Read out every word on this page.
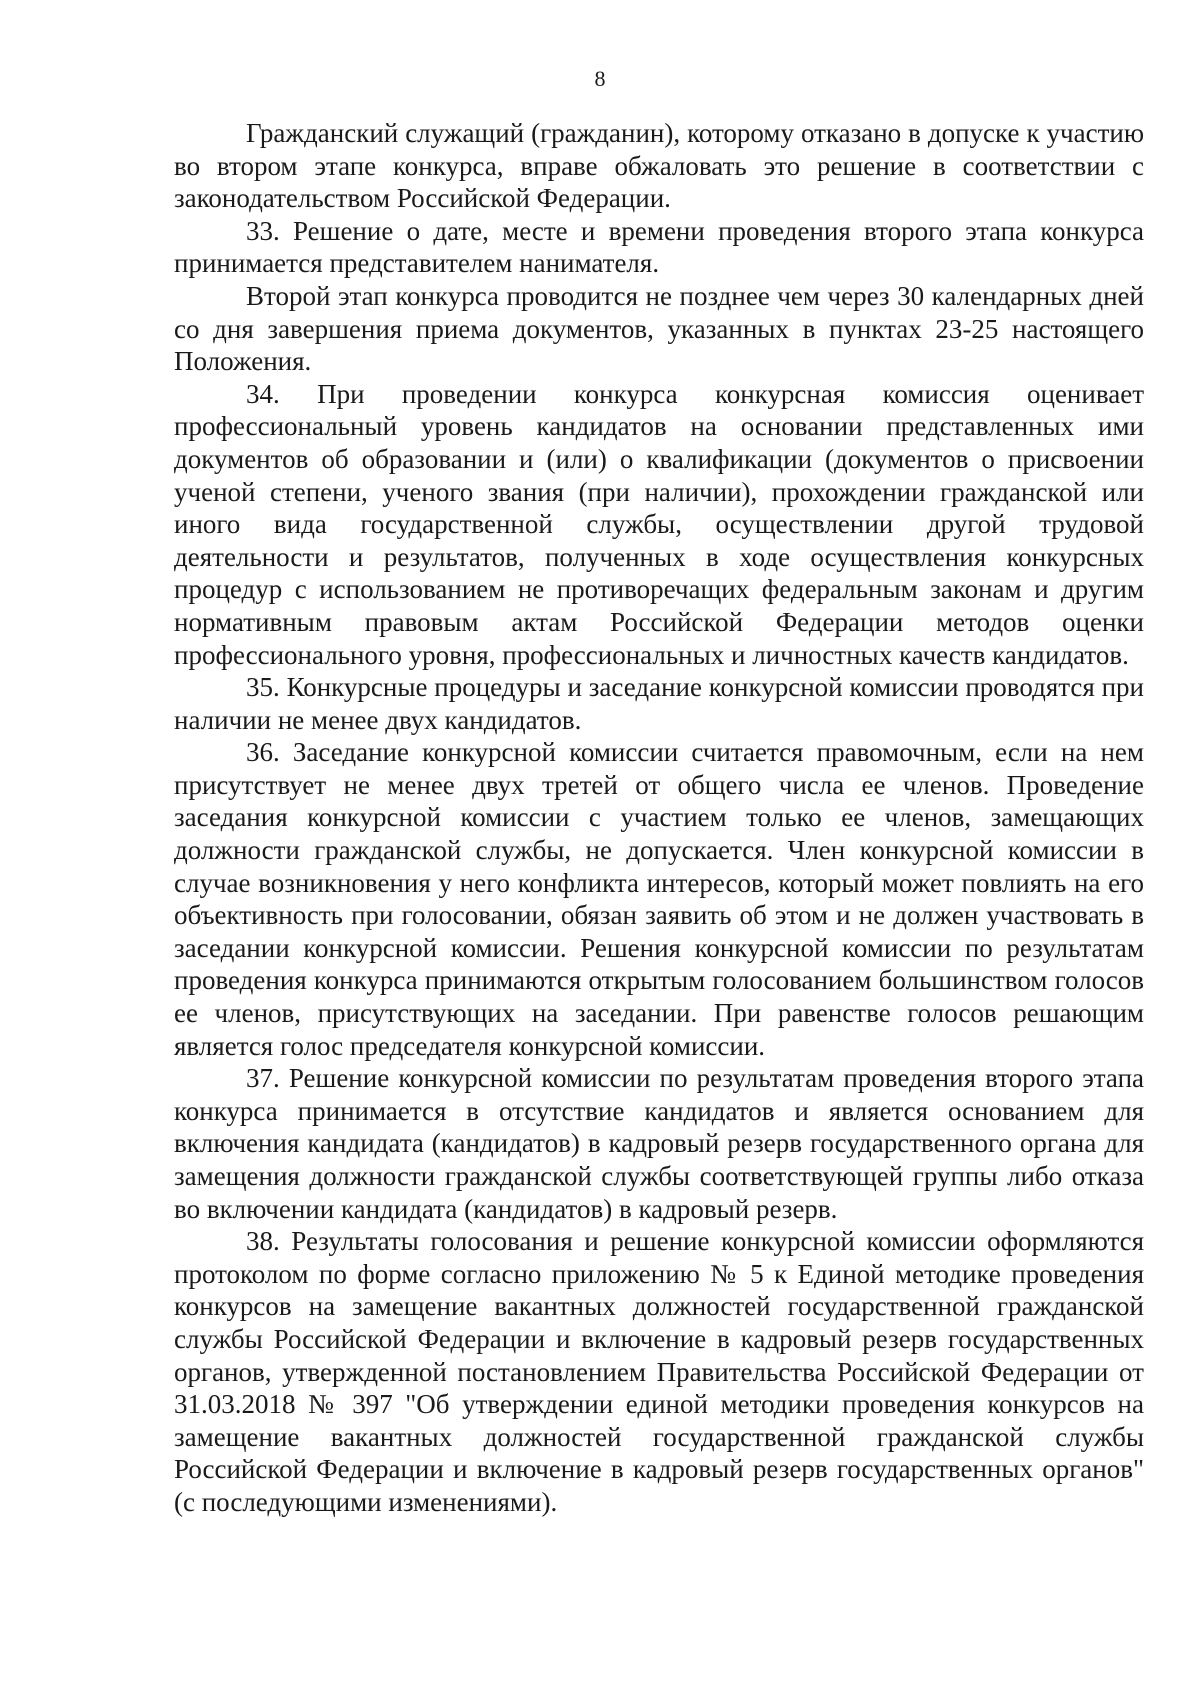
8

Гражданский служащий (гражданин), которому отказано в допуске к участию во втором этапе конкурса, вправе обжаловать это решение в соответствии с законодательством Российской Федерации.

33. Решение о дате, месте и времени проведения второго этапа конкурса принимается представителем нанимателя.

Второй этап конкурса проводится не позднее чем через 30 календарных дней со дня завершения приема документов, указанных в пунктах 23-25 настоящего Положения.

34. При проведении конкурса конкурсная комиссия оценивает профессиональный уровень кандидатов на основании представленных ими документов об образовании и (или) о квалификации (документов о присвоении ученой степени, ученого звания (при наличии), прохождении гражданской или иного вида государственной службы, осуществлении другой трудовой деятельности и результатов, полученных в ходе осуществления конкурсных процедур с использованием не противоречащих федеральным законам и другим нормативным правовым актам Российской Федерации методов оценки профессионального уровня, профессиональных и личностных качеств кандидатов.

35. Конкурсные процедуры и заседание конкурсной комиссии проводятся при наличии не менее двух кандидатов.

36. Заседание конкурсной комиссии считается правомочным, если на нем присутствует не менее двух третей от общего числа ее членов. Проведение заседания конкурсной комиссии с участием только ее членов, замещающих должности гражданской службы, не допускается. Член конкурсной комиссии в случае возникновения у него конфликта интересов, который может повлиять на его объективность при голосовании, обязан заявить об этом и не должен участвовать в заседании конкурсной комиссии. Решения конкурсной комиссии по результатам проведения конкурса принимаются открытым голосованием большинством голосов ее членов, присутствующих на заседании. При равенстве голосов решающим является голос председателя конкурсной комиссии.

37. Решение конкурсной комиссии по результатам проведения второго этапа конкурса принимается в отсутствие кандидатов и является основанием для включения кандидата (кандидатов) в кадровый резерв государственного органа для замещения должности гражданской службы соответствующей группы либо отказа во включении кандидата (кандидатов) в кадровый резерв.

38. Результаты голосования и решение конкурсной комиссии оформляются протоколом по форме согласно приложению № 5 к Единой методике проведения конкурсов на замещение вакантных должностей государственной гражданской службы Российской Федерации и включение в кадровый резерв государственных органов, утвержденной постановлением Правительства Российской Федерации от 31.03.2018 № 397 "Об утверждении единой методики проведения конкурсов на замещение вакантных должностей государственной гражданской службы Российской Федерации и включение в кадровый резерв государственных органов" (с последующими изменениями).
